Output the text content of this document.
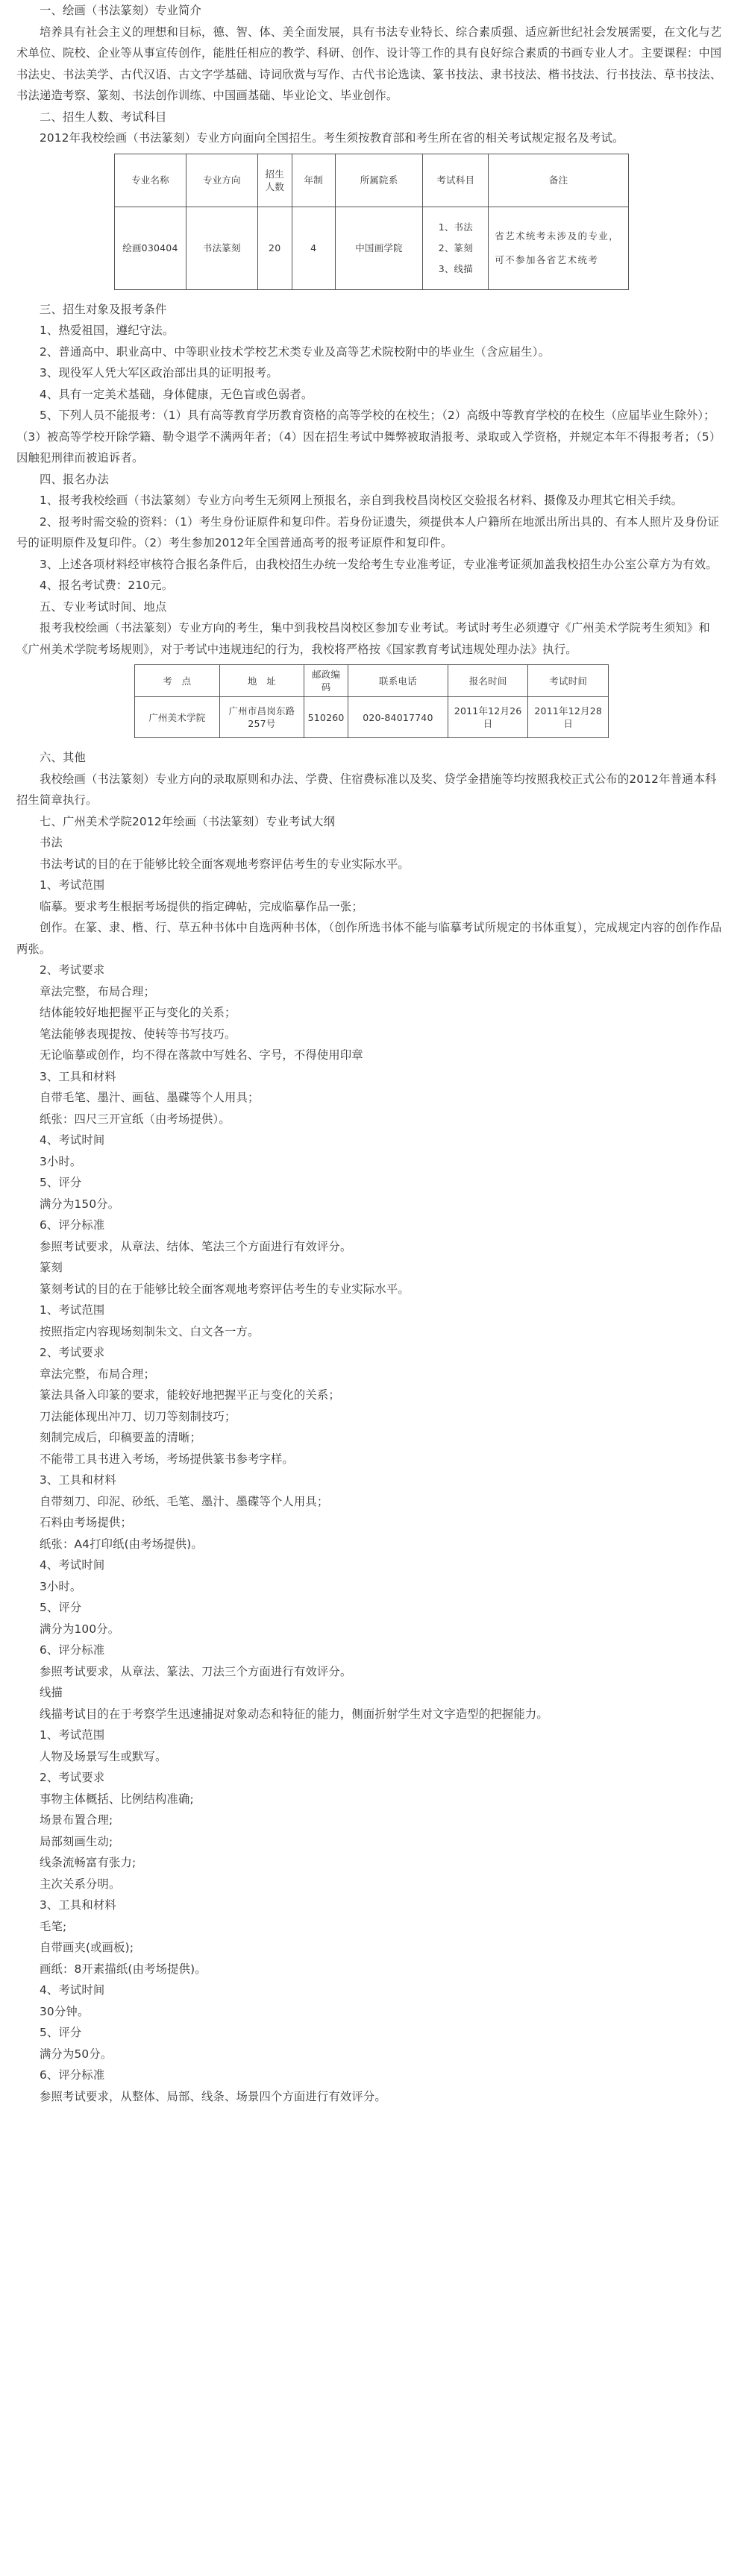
一、绘画（书法篆刻）专业简介

培养具有社会主义的理想和目标，德、智、体、美全面发展，具有书法专业特长、综合素质强、适应新世纪社会发展需要，在文化与艺术单位、院校、企业等从事宣传创作，能胜任相应的教学、科研、创作、设计等工作的具有良好综合素质的书画专业人才。主要课程：中国书法史、书法美学、古代汉语、古文字学基础、诗词欣赏与写作、古代书论选读、篆书技法、隶书技法、楷书技法、行书技法、草书技法、书法递造考察、篆刻、书法创作训练、中国画基础、毕业论文、毕业创作。

二、招生人数、考试科目

2012年我校绘画（书法篆刻）专业方向面向全国招生。考生须按教育部和考生所在省的相关考试规定报名及考试。

专业名称	专业方向	招生人数	年制	所属院系	考试科目	备注
绘画030404	书法篆刻	20	4	中国画学院	1、书法
2、篆刻
3、线描	省艺术统考未涉及的专业，可不参加各省艺术统考

三、招生对象及报考条件

1、热爱祖国，遵纪守法。

2、普通高中、职业高中、中等职业技术学校艺术类专业及高等艺术院校附中的毕业生（含应届生）。

3、现役军人凭大军区政治部出具的证明报考。

4、具有一定美术基础，身体健康，无色盲或色弱者。

5、下列人员不能报考：（1）具有高等教育学历教育资格的高等学校的在校生；（2）高级中等教育学校的在校生（应届毕业生除外）；（3）被高等学校开除学籍、勒令退学不满两年者；（4）因在招生考试中舞弊被取消报考、录取或入学资格，并规定本年不得报考者；（5）因触犯刑律而被追诉者。

四、报名办法

1、报考我校绘画（书法篆刻）专业方向考生无须网上预报名，亲自到我校昌岗校区交验报名材料、摄像及办理其它相关手续。

2、报考时需交验的资料：（1）考生身份证原件和复印件。若身份证遗失，须提供本人户籍所在地派出所出具的、有本人照片及身份证号的证明原件及复印件。（2）考生参加2012年全国普通高考的报考证原件和复印件。

3、上述各项材料经审核符合报名条件后，由我校招生办统一发给考生专业准考证，专业准考证须加盖我校招生办公室公章方为有效。

4、报名考试费：210元。

五、专业考试时间、地点

报考我校绘画（书法篆刻）专业方向的考生，集中到我校昌岗校区参加专业考试。考试时考生必须遵守《广州美术学院考生须知》和《广州美术学院考场规则》，对于考试中违规违纪的行为，我校将严格按《国家教育考试违规处理办法》执行。

考　点	地　址	邮政编码	联系电话	报名时间	考试时间
广州美术学院	广州市昌岗东路257号	510260	020-84017740	2011年12月26日	2011年12月28日

六、其他

我校绘画（书法篆刻）专业方向的录取原则和办法、学费、住宿费标准以及奖、贷学金措施等均按照我校正式公布的2012年普通本科招生简章执行。

七、广州美术学院2012年绘画（书法篆刻）专业考试大纲

书法

书法考试的目的在于能够比较全面客观地考察评估考生的专业实际水平。

1、考试范围

临摹。要求考生根据考场提供的指定碑帖，完成临摹作品一张；

创作。在篆、隶、楷、行、草五种书体中自选两种书体，（创作所选书体不能与临摹考试所规定的书体重复），完成规定内容的创作作品两张。

2、考试要求

章法完整，布局合理；

结体能较好地把握平正与变化的关系；

笔法能够表现提按、使转等书写技巧。

无论临摹或创作，均不得在落款中写姓名、字号，不得使用印章

3、工具和材料

自带毛笔、墨汁、画毡、墨碟等个人用具；

纸张：四尺三开宣纸（由考场提供）。

4、考试时间

3小时。

5、评分

满分为150分。

6、评分标准

参照考试要求，从章法、结体、笔法三个方面进行有效评分。

篆刻

篆刻考试的目的在于能够比较全面客观地考察评估考生的专业实际水平。

1、考试范围

按照指定内容现场刻制朱文、白文各一方。

2、考试要求

章法完整，布局合理；

篆法具备入印篆的要求，能较好地把握平正与变化的关系；

刀法能体现出冲刀、切刀等刻制技巧；

刻制完成后，印稿要盖的清晰；

不能带工具书进入考场，考场提供篆书参考字样。

3、工具和材料

自带刻刀、印泥、砂纸、毛笔、墨汁、墨碟等个人用具；

石料由考场提供；

纸张：A4打印纸(由考场提供)。

4、考试时间

3小时。

5、评分

满分为100分。

6、评分标准

参照考试要求，从章法、篆法、刀法三个方面进行有效评分。

线描

线描考试目的在于考察学生迅速捕捉对象动态和特征的能力，侧面折射学生对文字造型的把握能力。

1、考试范围

人物及场景写生或默写。

2、考试要求

事物主体概括、比例结构准确;

场景布置合理;

局部刻画生动;

线条流畅富有张力;

主次关系分明。

3、工具和材料

毛笔;

自带画夹(或画板);

画纸：8开素描纸(由考场提供)。

4、考试时间

30分钟。

5、评分

满分为50分。

6、评分标准

参照考试要求，从整体、局部、线条、场景四个方面进行有效评分。
